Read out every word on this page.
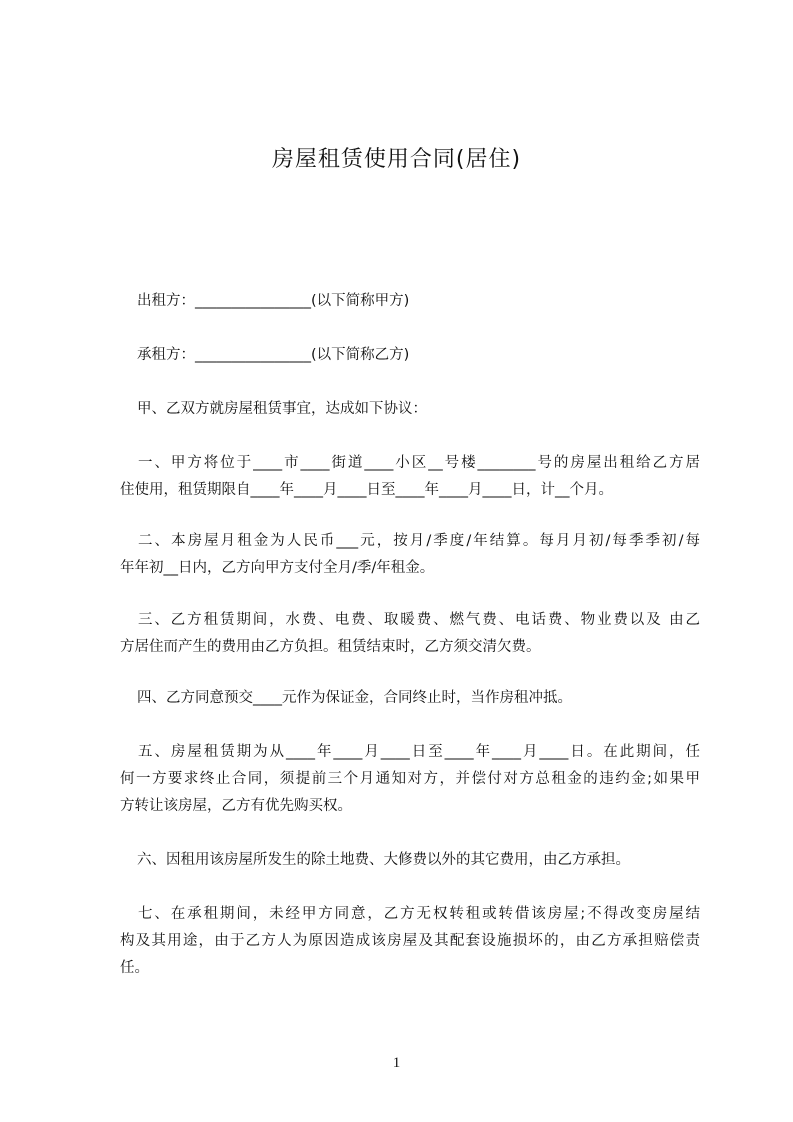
房屋租赁使用合同(居住)
出租方：________________(以下简称甲方)
承租方：________________(以下简称乙方)
甲、乙双方就房屋租赁事宜，达成如下协议：
一、甲方将位于____市____街道____小区__号楼________号的房屋出租给乙方居
住使用，租赁期限自____年____月____日至____年____月____日，计__个月。
二、本房屋月租金为人民币___元，按月/季度/年结算。每月月初/每季季初/每
年年初__日内，乙方向甲方支付全月/季/年租金。
三、乙方租赁期间，水费、电费、取暖费、燃气费、电话费、物业费以及 由乙
方居住而产生的费用由乙方负担。租赁结束时，乙方须交清欠费。
四、乙方同意预交____元作为保证金，合同终止时，当作房租冲抵。
五、房屋租赁期为从____年____月____日至____年____月____日。在此期间，任
何一方要求终止合同，须提前三个月通知对方，并偿付对方总租金的违约金;如果甲
方转让该房屋，乙方有优先购买权。
六、因租用该房屋所发生的除土地费、大修费以外的其它费用，由乙方承担。
七、在承租期间，未经甲方同意，乙方无权转租或转借该房屋;不得改变房屋结
构及其用途，由于乙方人为原因造成该房屋及其配套设施损坏的，由乙方承担赔偿责
任。
1
